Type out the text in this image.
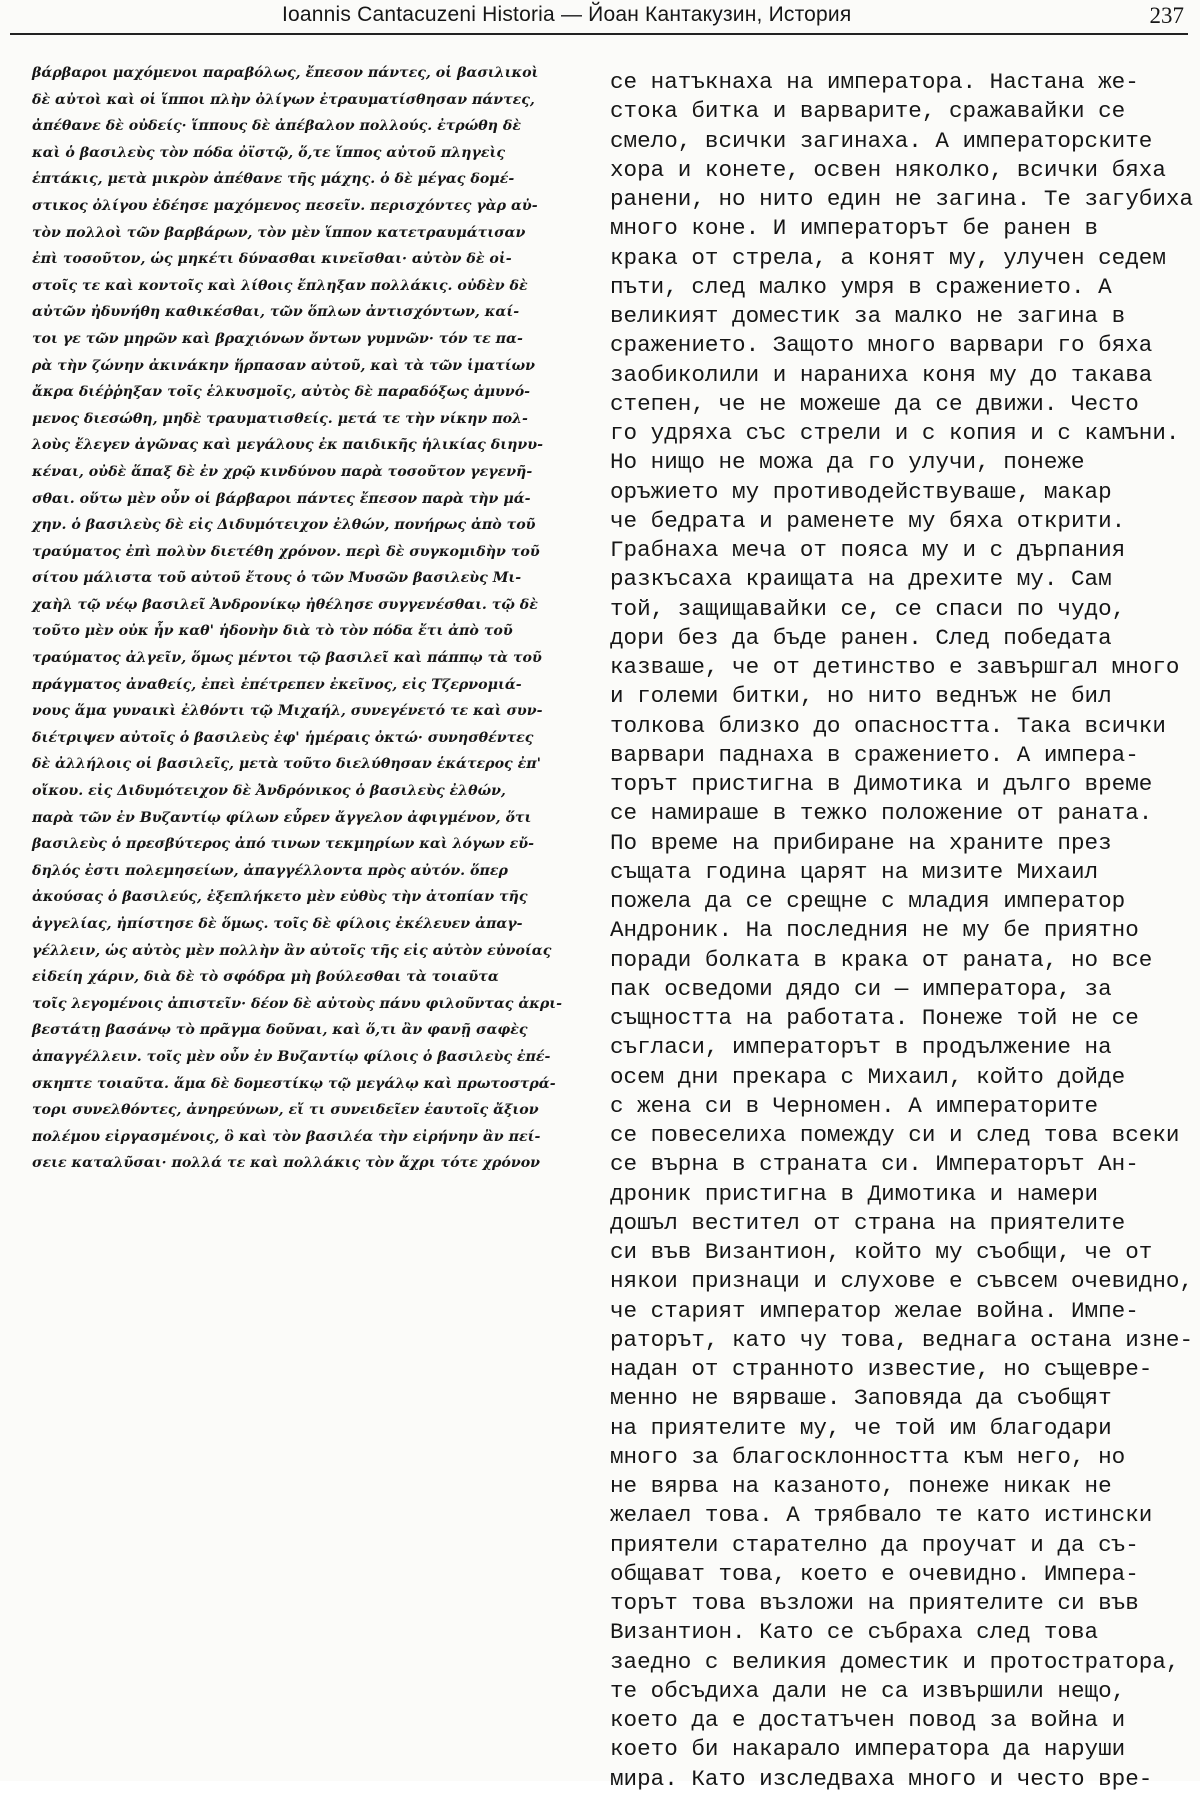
Ioannis Cantacuzeni Historia — Йоан Кантакузин, История	237
βάρβαροι μαχόμενοι παραβόλως, ἔπεσον πάντες, οἱ βασιλικοὶ
δὲ αὐτοὶ καὶ οἱ ἵπποι πλὴν ὀλίγων ἐτραυματίσθησαν πάντες,
ἀπέθανε δὲ οὐδείς· ἵππους δὲ ἀπέβαλον πολλούς. ἐτρώθη δὲ
καὶ ὁ βασιλεὺς τὸν πόδα ὀϊστῷ, ὅ,τε ἵππος αὐτοῦ πληγεὶς
ἑπτάκις, μετὰ μικρὸν ἀπέθανε τῆς μάχης. ὁ δὲ μέγας δομέ-
στικος ὀλίγου ἐδέησε μαχόμενος πεσεῖν. περισχόντες γὰρ αὐ-
τὸν πολλοὶ τῶν βαρβάρων, τὸν μὲν ἵππον κατετραυμάτισαν
ἐπὶ τοσοῦτον, ὡς μηκέτι δύνασθαι κινεῖσθαι· αὐτὸν δὲ οἰ-
στοῖς τε καὶ κοντοῖς καὶ λίθοις ἔπληξαν πολλάκις. οὐδὲν δὲ
αὐτῶν ἠδυνήθη καθικέσθαι, τῶν ὅπλων ἀντισχόντων, καί-
τοι γε τῶν μηρῶν καὶ βραχιόνων ὄντων γυμνῶν· τόν τε πα-
ρὰ τὴν ζώνην ἀκινάκην ἥρπασαν αὐτοῦ, καὶ τὰ τῶν ἱματίων
ἄκρα διέῤῥηξαν τοῖς ἑλκυσμοῖς, αὐτὸς δὲ παραδόξως ἀμυνό-
μενος διεσώθη, μηδὲ τραυματισθείς. μετά τε τὴν νίκην πολ-
λοὺς ἔλεγεν ἀγῶνας καὶ μεγάλους ἐκ παιδικῆς ἡλικίας διηνυ-
κέναι, οὐδὲ ἅπαξ δὲ ἐν χρῷ κινδύνου παρὰ τοσοῦτον γεγενῆ-
σθαι. οὕτω μὲν οὖν οἱ βάρβαροι πάντες ἔπεσον παρὰ τὴν μά-
χην. ὁ βασιλεὺς δὲ εἰς Διδυμότειχον ἐλθών, πονήρως ἀπὸ τοῦ
τραύματος ἐπὶ πολὺν διετέθη χρόνον. περὶ δὲ συγκομιδὴν τοῦ
σίτου μάλιστα τοῦ αὐτοῦ ἔτους ὁ τῶν Μυσῶν βασιλεὺς Μι-
χαὴλ τῷ νέῳ βασιλεῖ Ἀνδρονίκῳ ἠθέλησε συγγενέσθαι. τῷ δὲ
τοῦτο μὲν οὐκ ἦν καθ' ἡδονὴν διὰ τὸ τὸν πόδα ἔτι ἀπὸ τοῦ
τραύματος ἀλγεῖν, ὅμως μέντοι τῷ βασιλεῖ καὶ πάππῳ τὰ τοῦ
πράγματος ἀναθείς, ἐπεὶ ἐπέτρεπεν ἐκεῖνος, εἰς Τζερνομιά-
νους ἅμα γυναικὶ ἐλθόντι τῷ Μιχαήλ, συνεγένετό τε καὶ συν-
διέτριψεν αὐτοῖς ὁ βασιλεὺς ἐφ' ἡμέραις ὀκτώ· συνησθέντες
δὲ ἀλλήλοις οἱ βασιλεῖς, μετὰ τοῦτο διελύθησαν ἑκάτερος ἐπ'
οἴκου. εἰς Διδυμότειχον δὲ Ἀνδρόνικος ὁ βασιλεὺς ἐλθών,
παρὰ τῶν ἐν Βυζαντίῳ φίλων εὗρεν ἄγγελον ἀφιγμένον, ὅτι
βασιλεὺς ὁ πρεσβύτερος ἀπό τινων τεκμηρίων καὶ λόγων εὔ-
δηλός ἐστι πολεμησείων, ἀπαγγέλλοντα πρὸς αὐτόν. ὅπερ
ἀκούσας ὁ βασιλεύς, ἐξεπλήκετο μὲν εὐθὺς τὴν ἀτοπίαν τῆς
ἀγγελίας, ἠπίστησε δὲ ὅμως. τοῖς δὲ φίλοις ἐκέλευεν ἀπαγ-
γέλλειν, ὡς αὐτὸς μὲν πολλὴν ἂν αὐτοῖς τῆς εἰς αὐτὸν εὐνοίας
εἰδείη χάριν, διὰ δὲ τὸ σφόδρα μὴ βούλεσθαι τὰ τοιαῦτα
τοῖς λεγομένοις ἀπιστεῖν· δέον δὲ αὐτοὺς πάνυ φιλοῦντας ἀκρι-
βεστάτῃ βασάνῳ τὸ πρᾶγμα δοῦναι, καὶ ὅ,τι ἂν φανῇ σαφὲς
ἀπαγγέλλειν. τοῖς μὲν οὖν ἐν Βυζαντίῳ φίλοις ὁ βασιλεὺς ἐπέ-
σκηπτε τοιαῦτα. ἅμα δὲ δομεστίκῳ τῷ μεγάλῳ καὶ πρωτοστρά-
τορι συνελθόντες, ἀνηρεύνων, εἴ τι συνειδεῖεν ἑαυτοῖς ἄξιον
πολέμου εἰργασμένοις, ὃ καὶ τὸν βασιλέα τὴν εἰρήνην ἂν πεί-
σειε καταλῦσαι· πολλά τε καὶ πολλάκις τὸν ἄχρι τότε χρόνον
се натъкнаха на императора. Настана же-
стока битка и варварите, сражавайки се
смело, всички загинаха. А императорските
хора и конете, освен няколко, всички бяха
ранени, но нито един не загина. Те загубиха
много коне. И императорът бе ранен в
крака от стрела, а конят му, улучен седем
пъти, след малко умря в сражението. А
великият доместик за малко не загина в
сражението. Защото много варвари го бяха
заобиколили и нараниха коня му до такава
степен, че не можеше да се движи. Често
го удряха със стрели и с копия и с камъни.
Но нищо не можа да го улучи, понеже
оръжието му противодействуваше, макар
че бедрата и раменете му бяха открити.
Грабнаха меча от пояса му и с дърпания
разкъсаха краищата на дрехите му. Сам
той, защищавайки се, се спаси по чудо,
дори без да бъде ранен. След победата
казваше, че от детинство е завършгал много
и големи битки, но нито веднъж не бил
толкова близко до опасността. Така всички
варвари паднаха в сражението. А импера-
торът пристигна в Димотика и дълго време
се намираше в тежко положение от раната.
По време на прибиране на храните през
същата година царят на мизите Михаил
пожела да се срещне с младия император
Андроник. На последния не му бе приятно
поради болката в крака от раната, но все
пак осведоми дядо си — императора, за
същността на работата. Понеже той не се
съгласи, императорът в продължение на
осем дни прекара с Михаил, който дойде
с жена си в Черномен. А императорите
се повеселиха помежду си и след това всеки
се върна в страната си. Императорът Ан-
дроник пристигна в Димотика и намери
дошъл вестител от страна на приятелите
си във Византион, който му съобщи, че от
някои признаци и слухове е съвсем очевидно,
че старият император желае война. Импе-
раторът, като чу това, веднага остана изне-
надан от странното известие, но същевре-
менно не вярваше. Заповяда да съобщят
на приятелите му, че той им благодари
много за благосклонността към него, но
не вярва на казаното, понеже никак не
желаел това. А трябвало те като истински
приятели старателно да проучат и да съ-
общават това, което е очевидно. Импера-
торът това възложи на приятелите си във
Византион. Като се събраха след това
заедно с великия доместик и протостратора,
те обсъдиха дали не са извършили нещо,
което да е достатъчен повод за война и
което би накарало императора да наруши
мира. Като изследваха много и често вре-
